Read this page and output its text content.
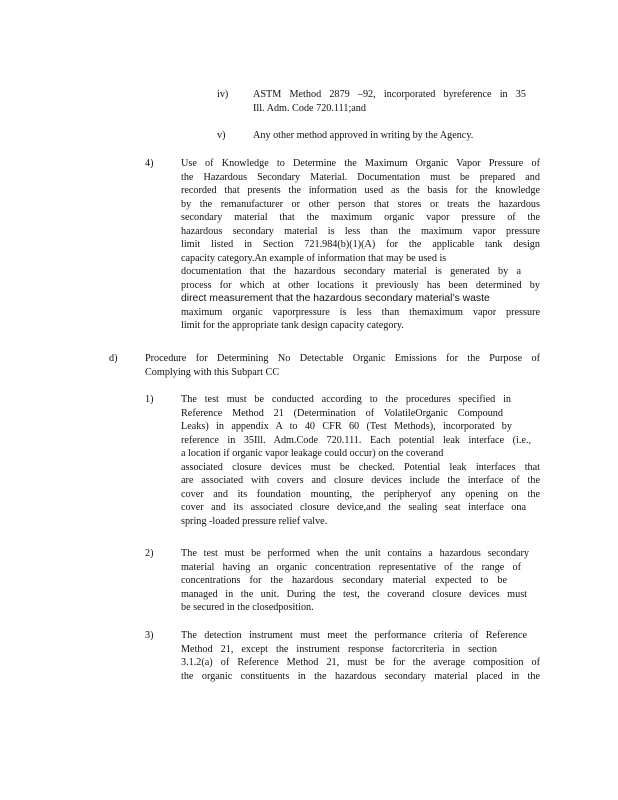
iv) ASTM Method 2879 –92, incorporated byreference in 35
Ill. Adm. Code 720.111;and
v)	Any other method approved in writing by the Agency.
4)	Use of Knowledge to Determine the Maximum Organic Vapor Pressure of
the Hazardous Secondary Material. Documentation must be prepared and
recorded that presents the information used as the basis for the knowledge
by the remanufacturer or other person that stores or treats the hazardous
secondary material that the maximum organic vapor pressure of the
hazardous secondary material is less than the maximum vapor pressure
limit listed in Section 721.984(b)(1)(A) for the applicable tank design
capacity category.An example of information that may be used is
documentation that the hazardous secondary material is generated by a
process for which at other locations it previously has been determined by
direct measurement that the hazardous secondary material’s waste
maximum organic vaporpressure is less than themaximum vapor pressure
limit for the appropriate tank design capacity category.
d)	Procedure for Determining No Detectable Organic Emissions for the Purpose of
Complying with this Subpart CC
1)	The test must be conducted according to the procedures specified in
Reference Method 21 (Determination of VolatileOrganic Compound
Leaks) in appendix A to 40 CFR 60 (Test Methods), incorporated by
reference in 35Ill. Adm.Code 720.111. Each potential leak interface (i.e.,
a location if organic vapor leakage could occur) on the coverand
associated closure devices must be checked. Potential leak interfaces that
are associated with covers and closure devices include the interface of the
cover and its foundation mounting, the peripheryof any opening on the
cover and its associated closure device,and the sealing seat interface ona
spring -loaded pressure relief valve.
2)	The test must be performed when the unit contains a hazardous secondary
material having an organic concentration representative of the range of
concentrations for the hazardous secondary material expected to be
managed in the unit. During the test, the coverand closure devices must
be secured in the closedposition.
3)	The detection instrument must meet the performance criteria of Reference
Method 21, except the instrument response factorcriteria in section
3.1.2(a) of Reference Method 21, must be for the average composition of
the organic constituents in the hazardous secondary material placed in the
